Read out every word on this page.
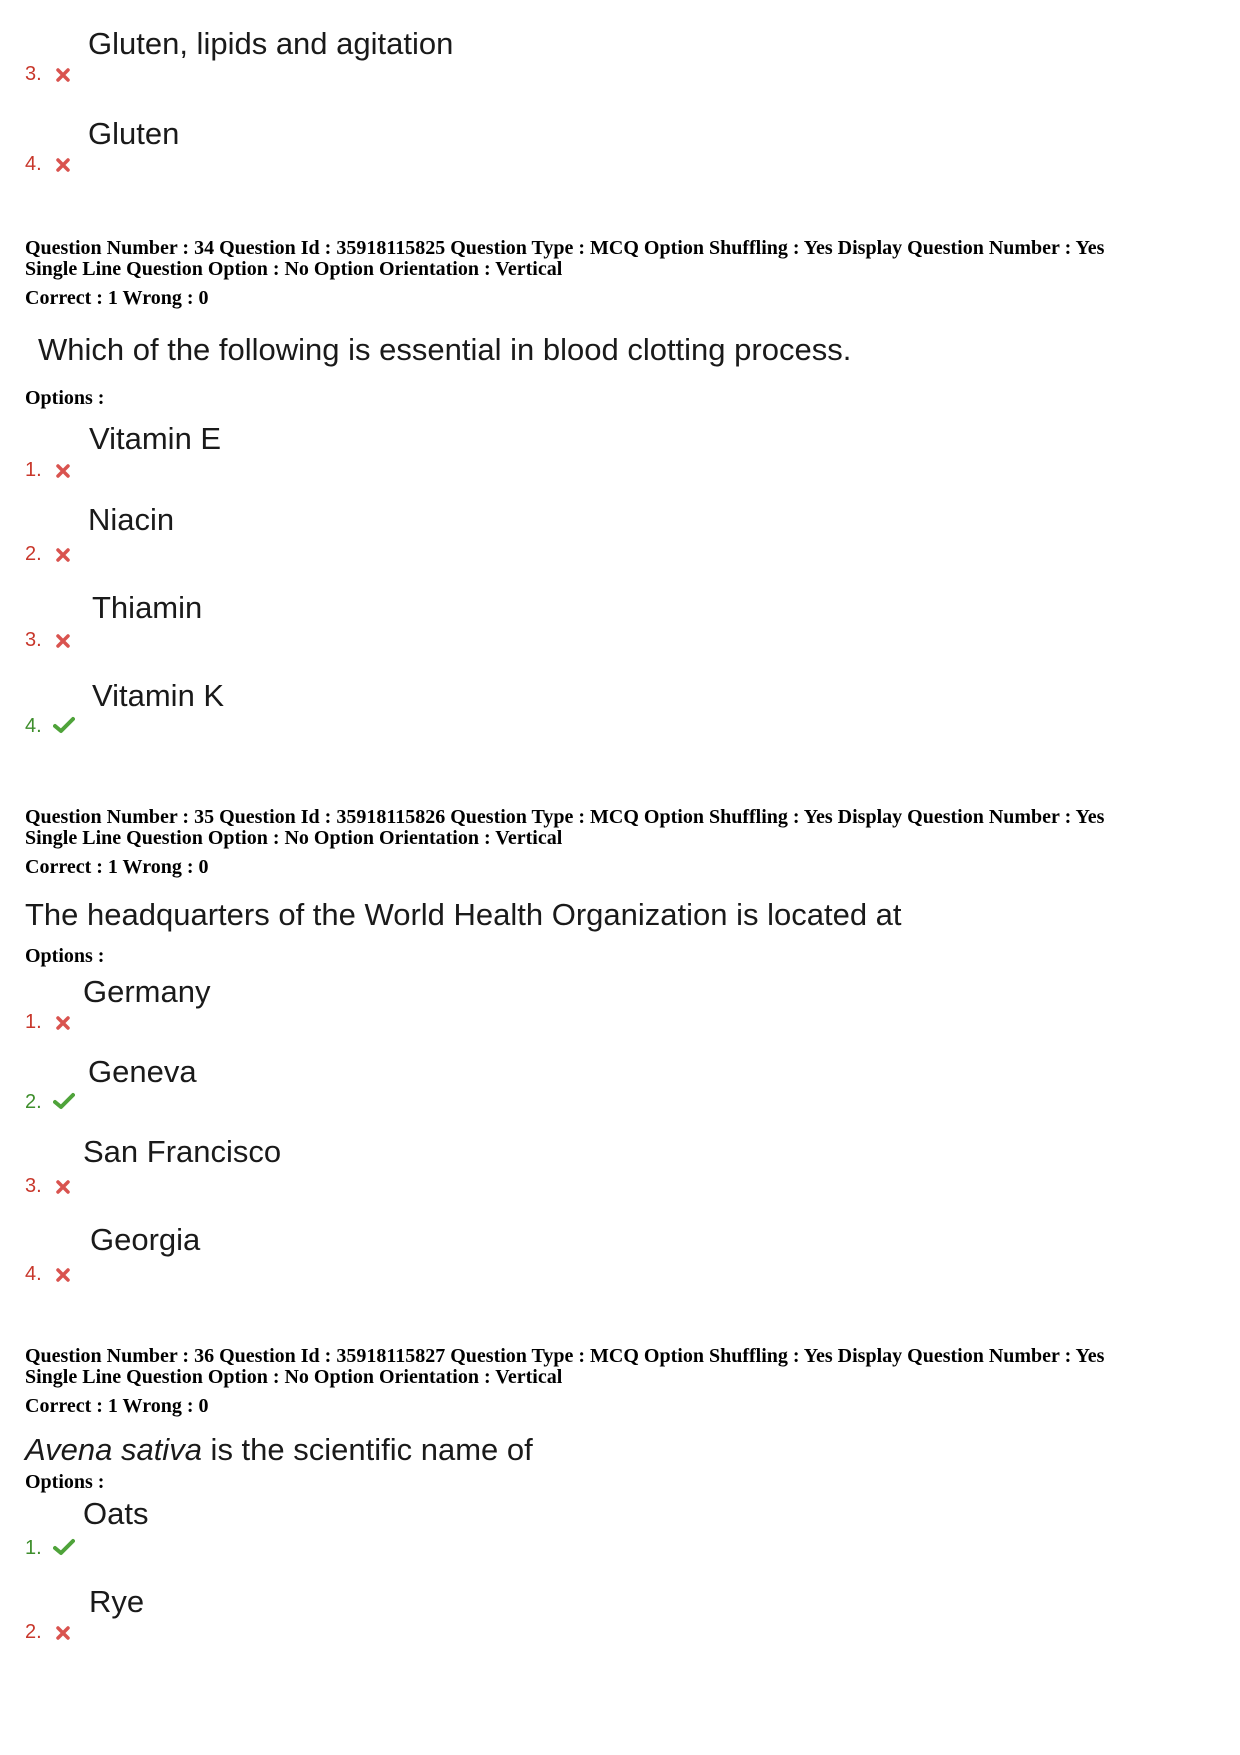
3.
Gluten, lipids and agitation
4.
Gluten
Question Number : 34 Question Id : 35918115825 Question Type : MCQ Option Shuffling : Yes Display Question Number : Yes
Single Line Question Option : No Option Orientation : Vertical
Correct : 1 Wrong : 0
Which of the following is essential in blood clotting process.
Options :
1.
Vitamin E
2.
Niacin
3.
Thiamin
4.
Vitamin K
Question Number : 35 Question Id : 35918115826 Question Type : MCQ Option Shuffling : Yes Display Question Number : Yes
Single Line Question Option : No Option Orientation : Vertical
Correct : 1 Wrong : 0
The headquarters of the World Health Organization is located at
Options :
1.
Germany
2.
Geneva
3.
San Francisco
4.
Georgia
Question Number : 36 Question Id : 35918115827 Question Type : MCQ Option Shuffling : Yes Display Question Number : Yes
Single Line Question Option : No Option Orientation : Vertical
Correct : 1 Wrong : 0
Avena sativa is the scientific name of
Options :
1.
Oats
2.
Rye
